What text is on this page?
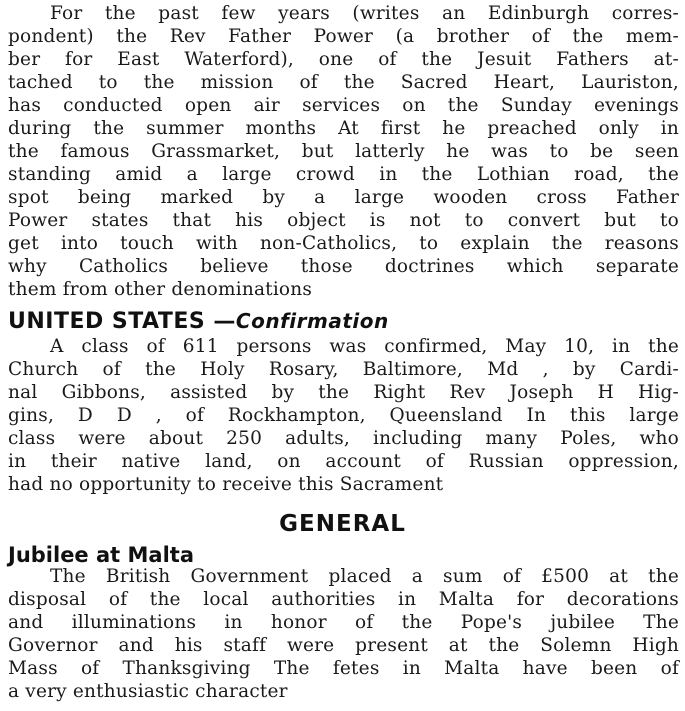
For the past few years (writes an Edinburgh corres-
pondent) the Rev Father Power (a brother of the mem-
ber for East Waterford), one of the Jesuit Fathers at-
tached to the mission of the Sacred Heart, Lauriston,
has conducted open air services on the Sunday evenings
during the summer months At first he preached only in
the famous Grassmarket, but latterly he was to be seen
standing amid a large crowd in the Lothian road, the
spot being marked by a large wooden cross Father
Power states that his object is not to convert but to
get into touch with non-Catholics, to explain the reasons
why Catholics believe those doctrines which separate
them from other denominations
UNITED STATES —Confirmation
A class of 611 persons was confirmed, May 10, in the
Church of the Holy Rosary, Baltimore, Md , by Cardi-
nal Gibbons, assisted by the Right Rev Joseph H Hig-
gins, D D , of Rockhampton, Queensland In this large
class were about 250 adults, including many Poles, who
in their native land, on account of Russian oppression,
had no opportunity to receive this Sacrament
GENERAL
Jubilee at Malta
The British Government placed a sum of £500 at the
disposal of the local authorities in Malta for decorations
and illuminations in honor of the Pope's jubilee The
Governor and his staff were present at the Solemn High
Mass of Thanksgiving The fetes in Malta have been of
a very enthusiastic character
